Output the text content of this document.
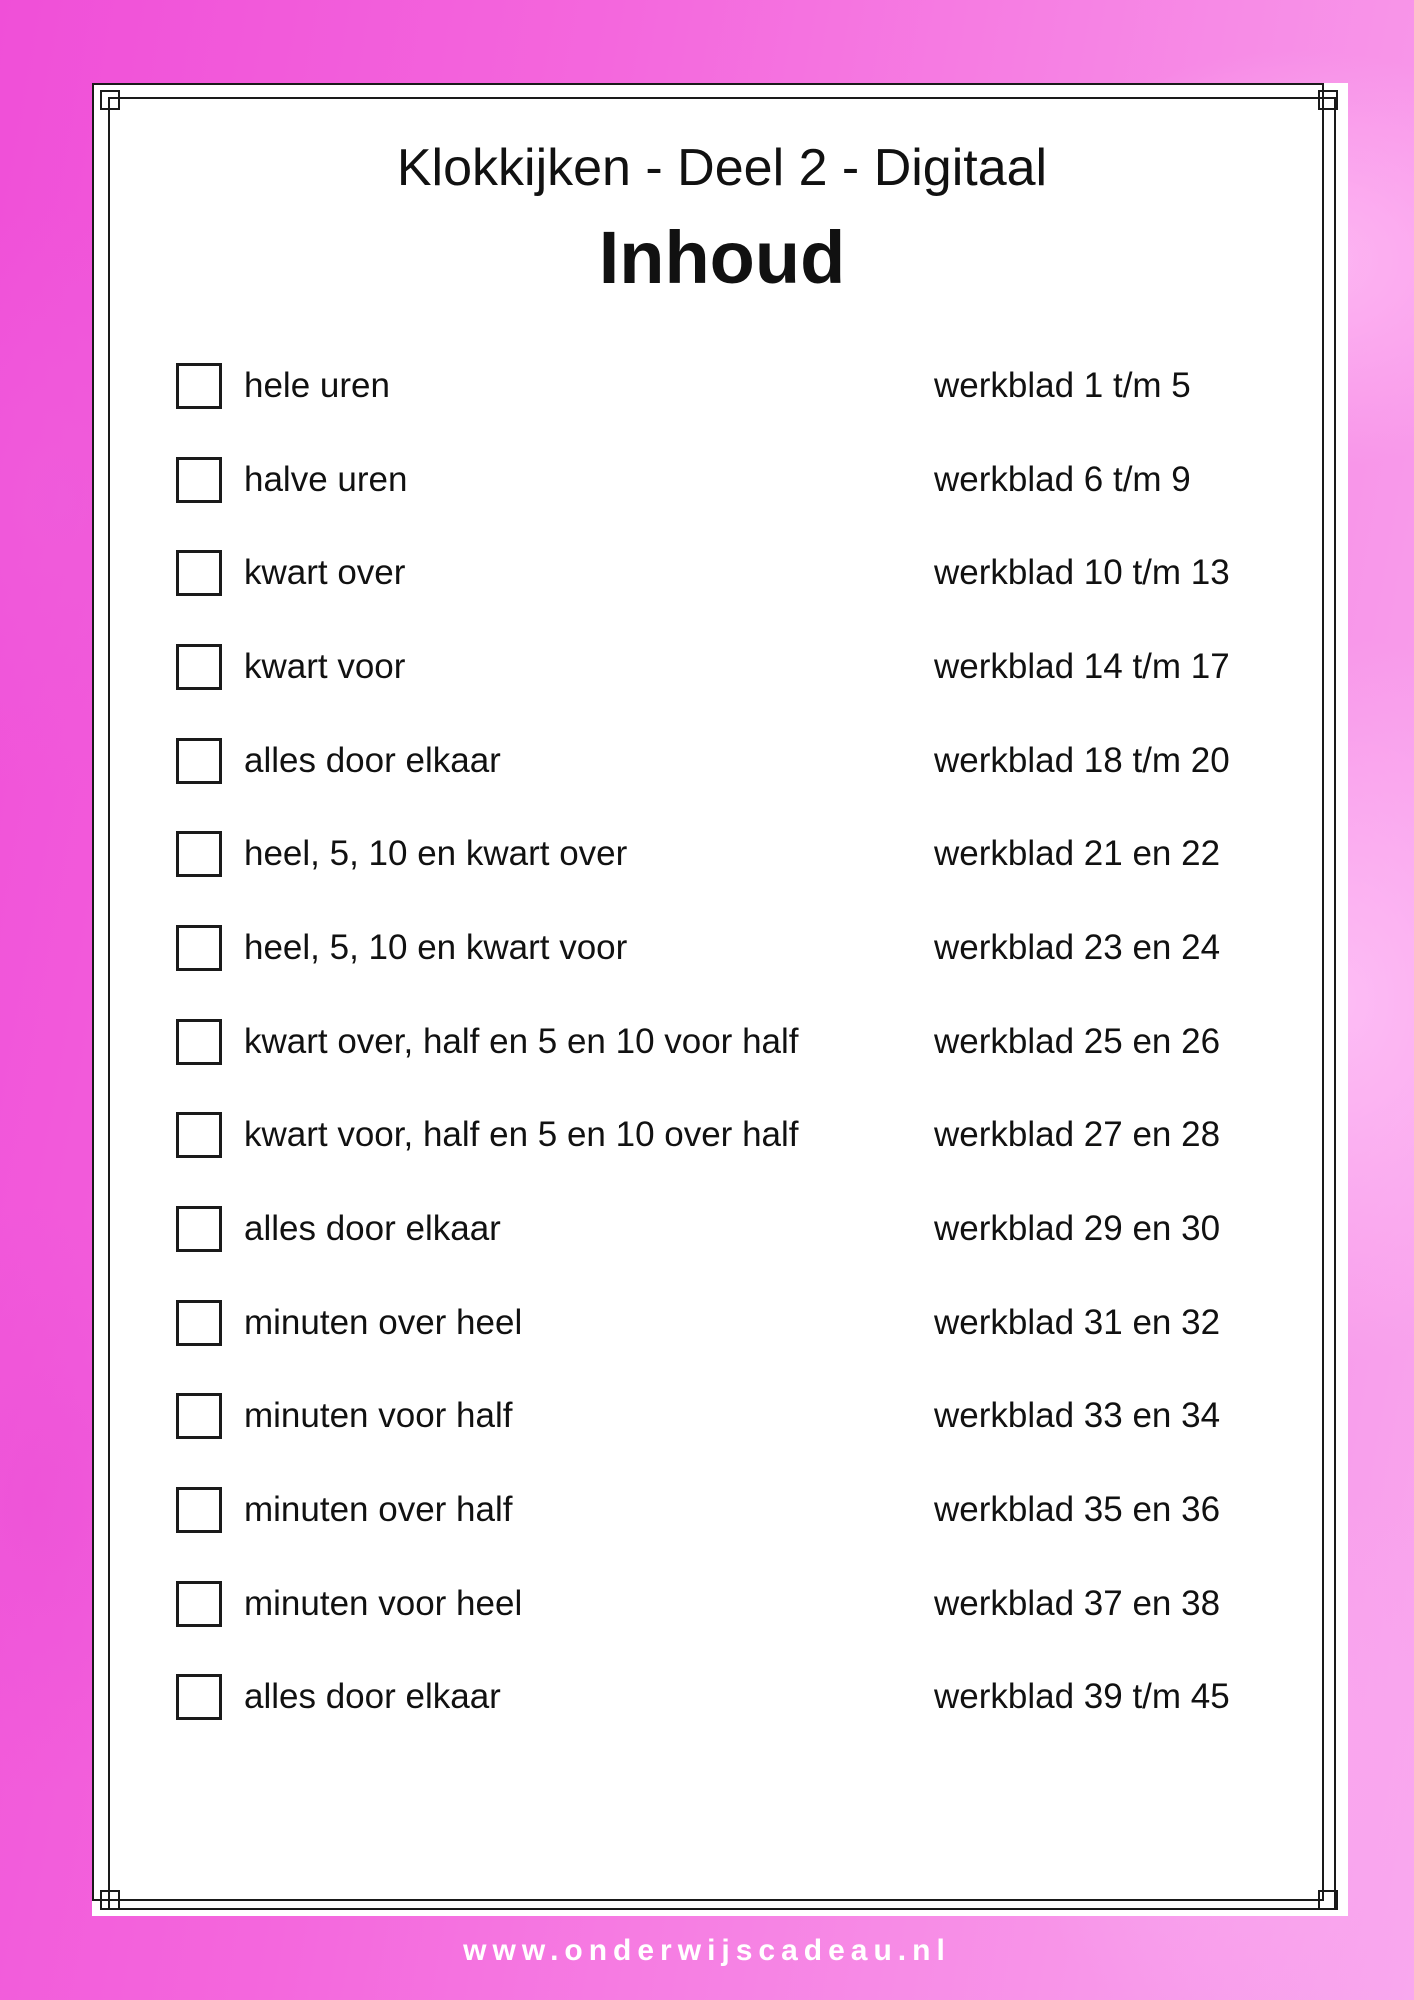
Klokkijken - Deel 2 - Digitaal
Inhoud
hele uren	werkblad 1 t/m 5
halve uren	werkblad 6 t/m 9
kwart over	werkblad 10 t/m 13
kwart voor	werkblad 14 t/m 17
alles door elkaar	werkblad 18 t/m 20
heel, 5, 10 en kwart over	werkblad 21 en 22
heel, 5, 10 en kwart voor	werkblad 23 en 24
kwart over, half en 5 en 10 voor half	werkblad 25 en 26
kwart voor, half en 5 en 10 over half	werkblad 27 en 28
alles door elkaar	werkblad 29 en 30
minuten over heel	werkblad 31 en 32
minuten voor half	werkblad 33 en 34
minuten over half	werkblad 35 en 36
minuten voor heel	werkblad 37 en 38
alles door elkaar	werkblad 39 t/m 45
www.onderwijscadeau.nl
